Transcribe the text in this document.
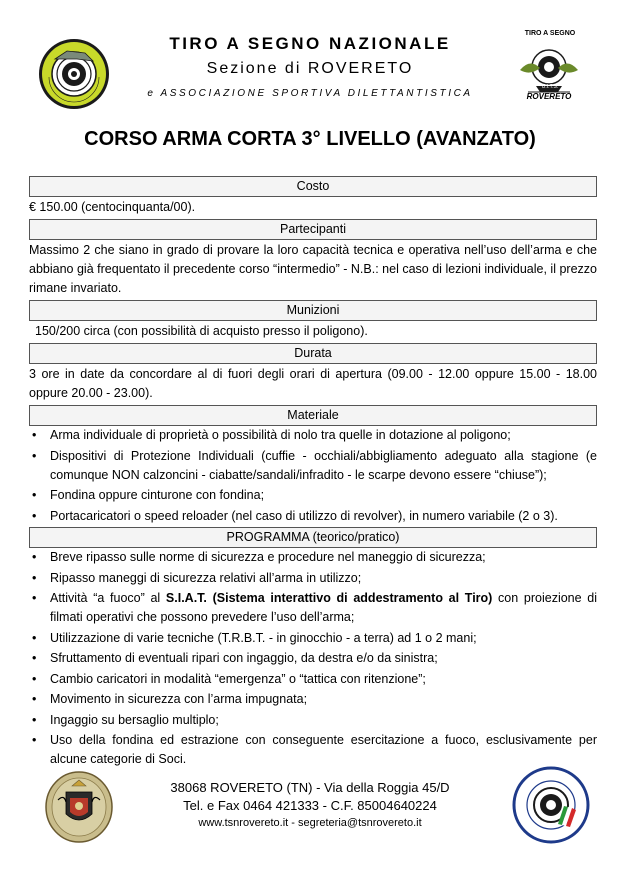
TIRO A SEGNO
U.I.T.S.
ROVERETO
TIRO A SEGNO NAZIONALE
Sezione di ROVERETO
e ASSOCIAZIONE SPORTIVA DILETTANTISTICA
CORSO ARMA CORTA 3° LIVELLO (AVANZATO)
Costo
€ 150.00 (centocinquanta/00).
Partecipanti
Massimo 2 che siano in grado di provare la loro capacità tecnica e operativa nell’uso dell’arma e che abbiano già frequentato il precedente corso “intermedio” - N.B.: nel caso di lezioni individuale, il prezzo rimane invariato.
Munizioni
150/200 circa (con possibilità di acquisto presso il poligono).
Durata
3 ore in date da concordare al di fuori degli orari di apertura (09.00 - 12.00 oppure 15.00 - 18.00 oppure 20.00 - 23.00).
Materiale
• Arma individuale di proprietà o possibilità di nolo tra quelle in dotazione al poligono;
• Dispositivi di Protezione Individuali (cuffie - occhiali/abbigliamento adeguato alla stagione (e comunque NON calzoncini - ciabatte/sandali/infradito - le scarpe devono essere “chiuse”);
• Fondina oppure cinturone con fondina;
• Portacaricatori o speed reloader (nel caso di utilizzo di revolver), in numero variabile (2 o 3).
PROGRAMMA (teorico/pratico)
• Breve ripasso sulle norme di sicurezza e procedure nel maneggio di sicurezza;
• Ripasso maneggi di sicurezza relativi all’arma in utilizzo;
• Attività “a fuoco” al S.I.A.T. (Sistema interattivo di addestramento al Tiro) con proiezione di filmati operativi che possono prevedere l’uso dell’arma;
• Utilizzazione di varie tecniche (T.R.B.T. - in ginocchio - a terra) ad 1 o 2 mani;
• Sfruttamento di eventuali ripari con ingaggio, da destra e/o da sinistra;
• Cambio caricatori in modalità “emergenza” o “tattica con ritenzione”;
• Movimento in sicurezza con l’arma impugnata;
• Ingaggio su bersaglio multiplo;
• Uso della fondina ed estrazione con conseguente esercitazione a fuoco, esclusivamente per alcune categorie di Soci.
38068 ROVERETO (TN) - Via della Roggia 45/D
Tel. e Fax 0464 421333 - C.F. 85004640224
www.tsnrovereto.it - segreteria@tsnrovereto.it
